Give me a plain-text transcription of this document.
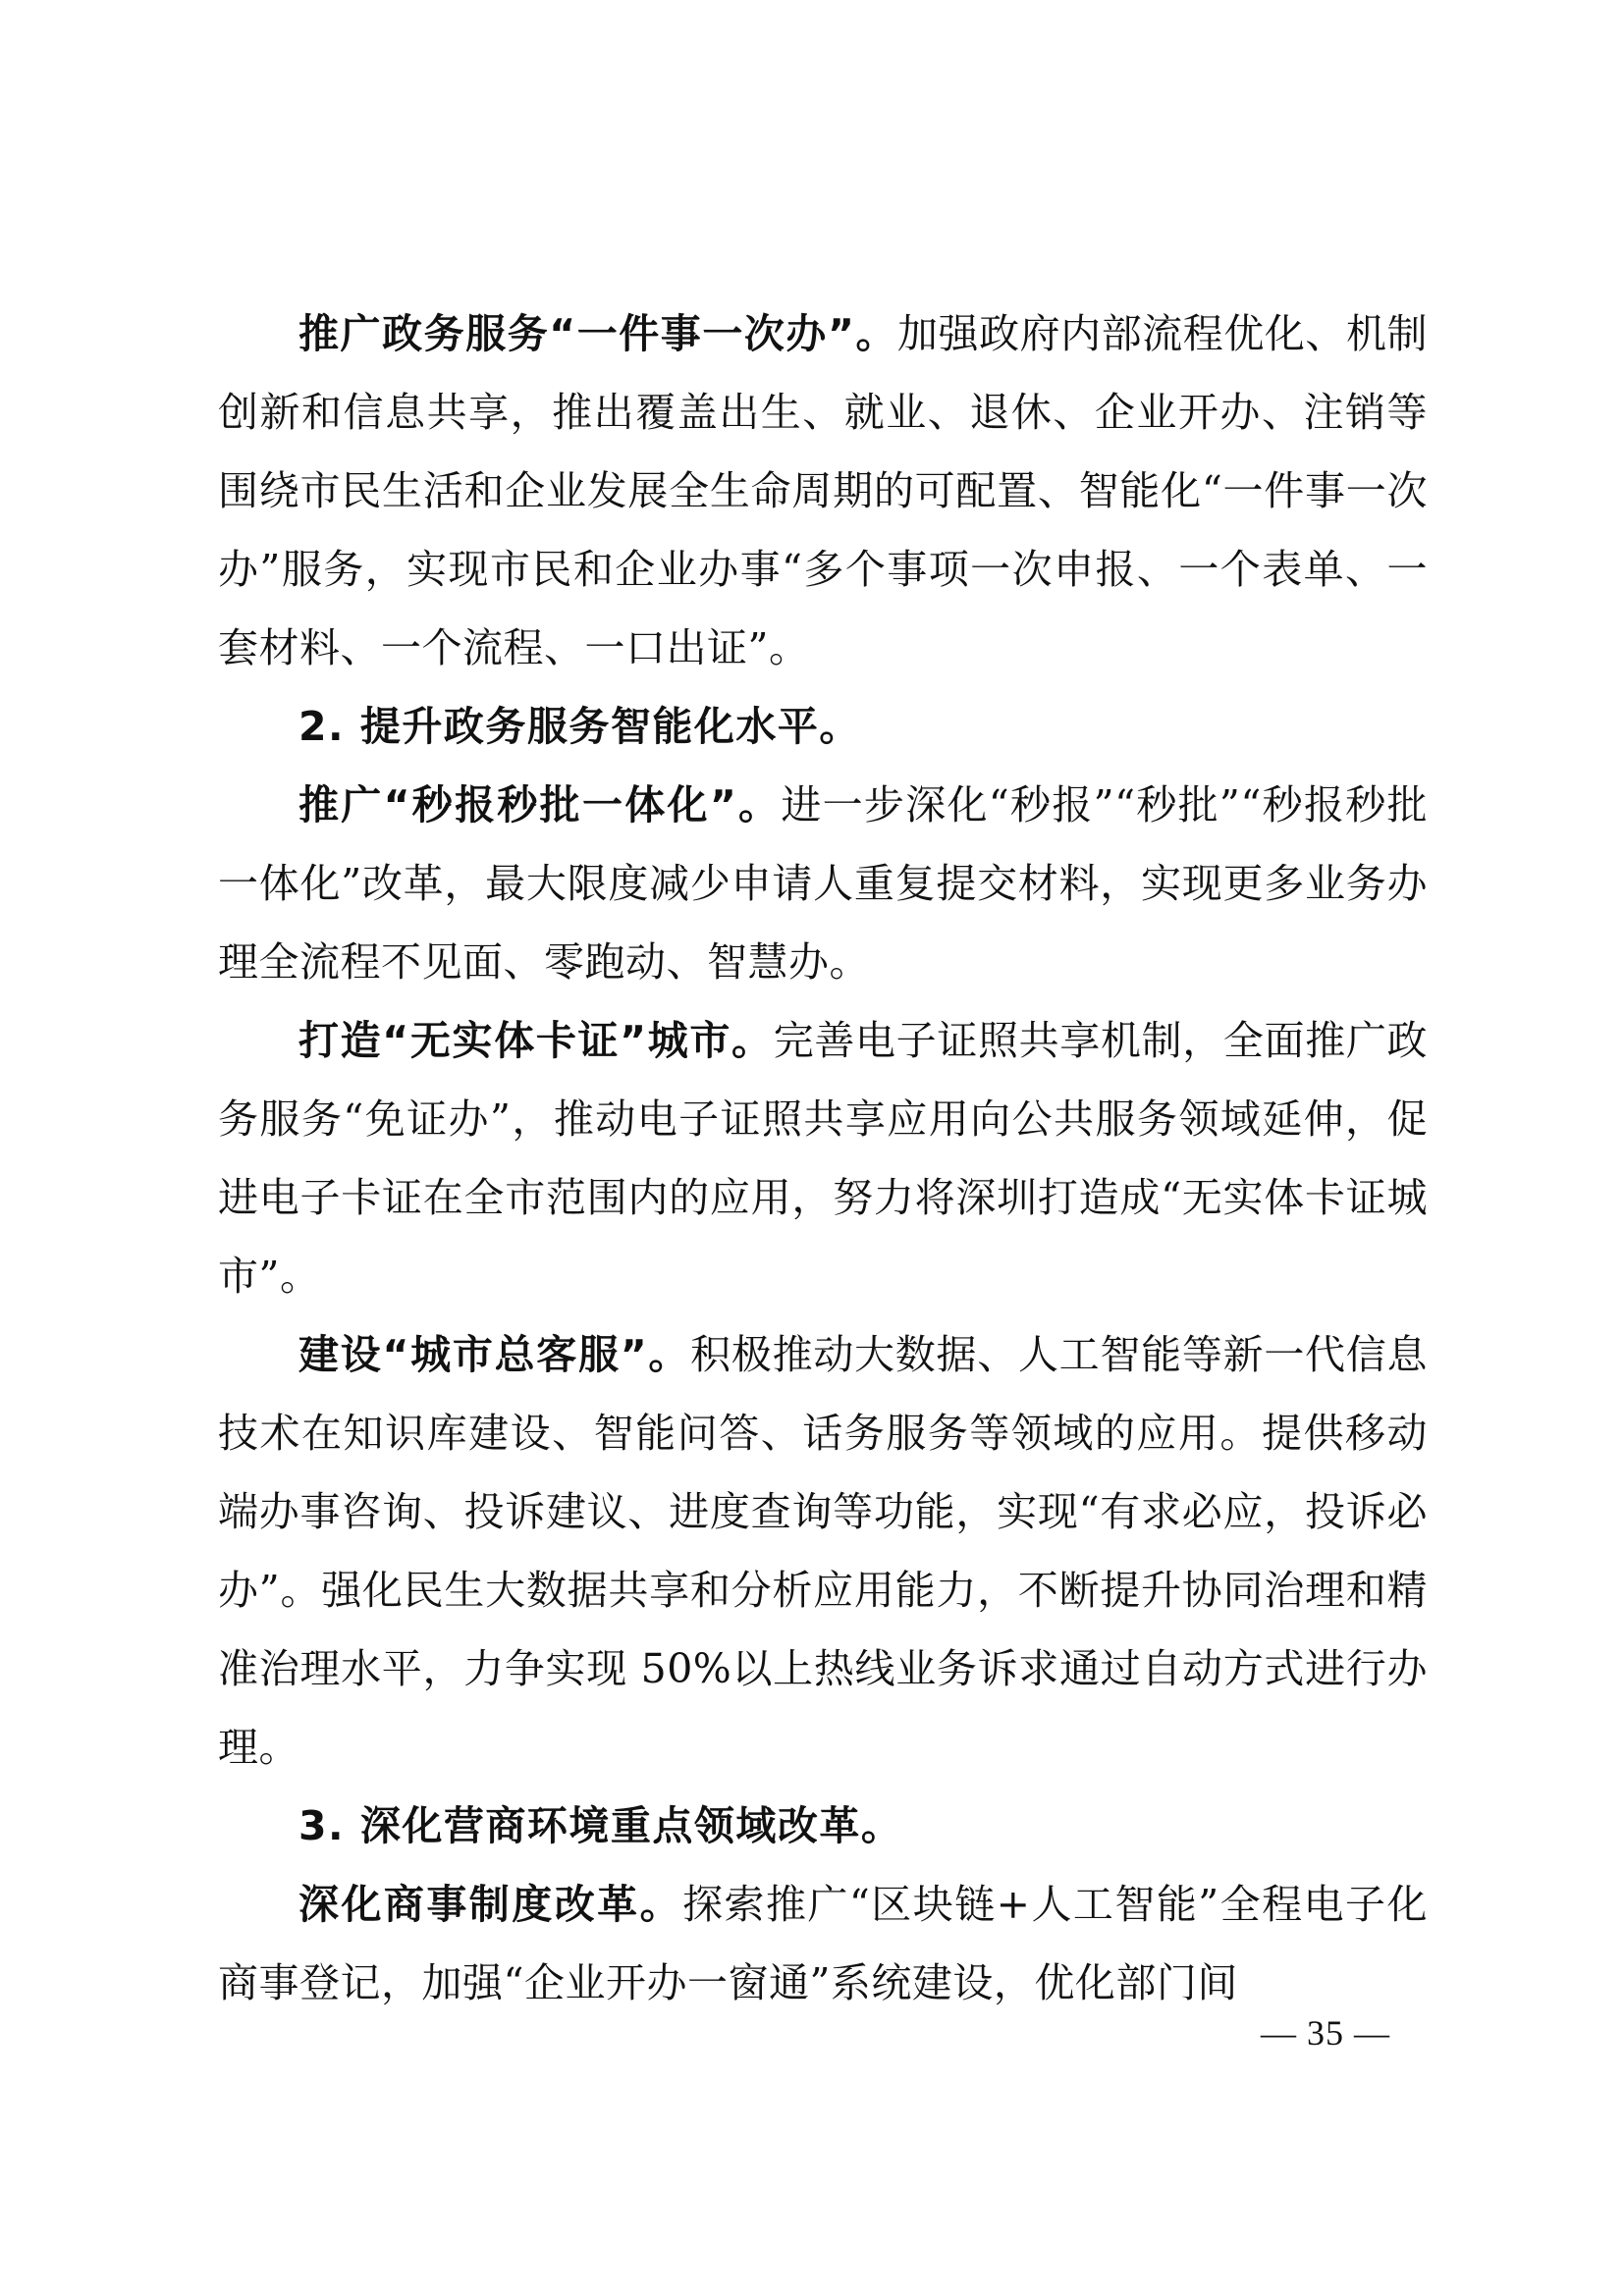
推广政务服务“一件事一次办”。加强政府内部流程优化、机制创新和信息共享，推出覆盖出生、就业、退休、企业开办、注销等围绕市民生活和企业发展全生命周期的可配置、智能化“一件事一次办”服务，实现市民和企业办事“多个事项一次申报、一个表单、一套材料、一个流程、一口出证”。

2. 提升政务服务智能化水平。

推广“秒报秒批一体化”。进一步深化“秒报”“秒批”“秒报秒批一体化”改革，最大限度减少申请人重复提交材料，实现更多业务办理全流程不见面、零跑动、智慧办。

打造“无实体卡证”城市。完善电子证照共享机制，全面推广政务服务“免证办”，推动电子证照共享应用向公共服务领域延伸，促进电子卡证在全市范围内的应用，努力将深圳打造成“无实体卡证城市”。

建设“城市总客服”。积极推动大数据、人工智能等新一代信息技术在知识库建设、智能问答、话务服务等领域的应用。提供移动端办事咨询、投诉建议、进度查询等功能，实现“有求必应，投诉必办”。强化民生大数据共享和分析应用能力，不断提升协同治理和精准治理水平，力争实现 50%以上热线业务诉求通过自动方式进行办理。

3. 深化营商环境重点领域改革。

深化商事制度改革。探索推广“区块链+人工智能”全程电子化商事登记，加强“企业开办一窗通”系统建设，优化部门间

— 35 —
